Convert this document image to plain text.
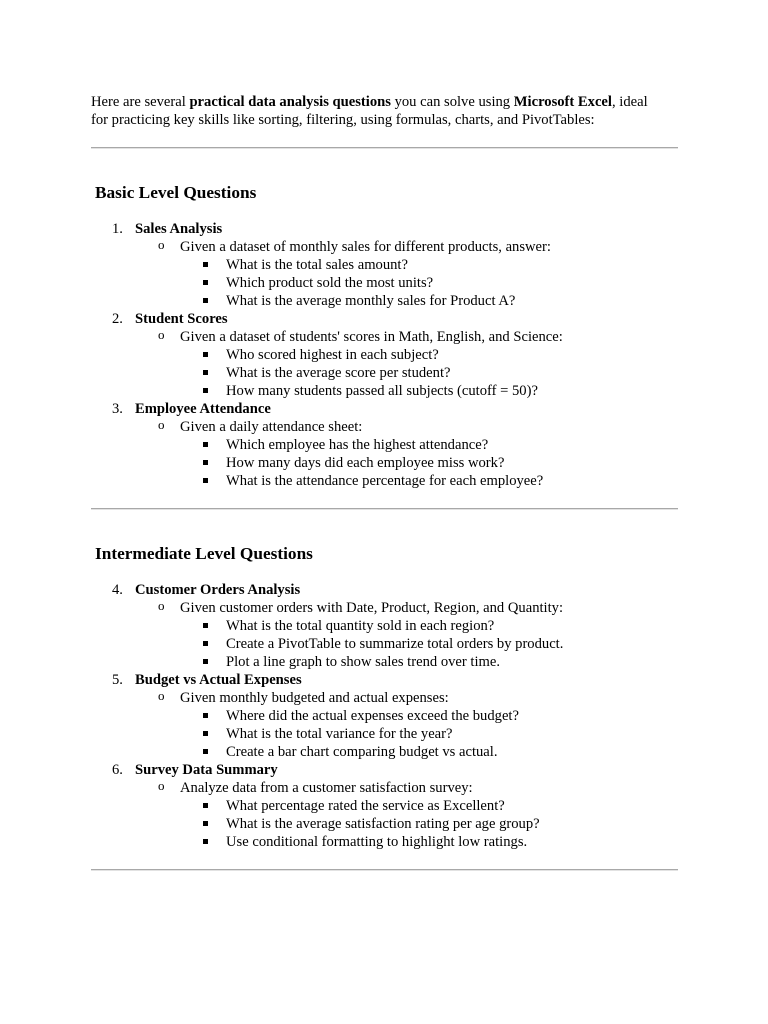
Here are several practical data analysis questions you can solve using Microsoft Excel, ideal
for practicing key skills like sorting, filtering, using formulas, charts, and PivotTables:
Basic Level Questions
1. Sales Analysis
o Given a dataset of monthly sales for different products, answer:
What is the total sales amount?
Which product sold the most units?
What is the average monthly sales for Product A?
2. Student Scores
o Given a dataset of students' scores in Math, English, and Science:
Who scored highest in each subject?
What is the average score per student?
How many students passed all subjects (cutoff = 50)?
3. Employee Attendance
o Given a daily attendance sheet:
Which employee has the highest attendance?
How many days did each employee miss work?
What is the attendance percentage for each employee?
Intermediate Level Questions
4. Customer Orders Analysis
o Given customer orders with Date, Product, Region, and Quantity:
What is the total quantity sold in each region?
Create a PivotTable to summarize total orders by product.
Plot a line graph to show sales trend over time.
5. Budget vs Actual Expenses
o Given monthly budgeted and actual expenses:
Where did the actual expenses exceed the budget?
What is the total variance for the year?
Create a bar chart comparing budget vs actual.
6. Survey Data Summary
o Analyze data from a customer satisfaction survey:
What percentage rated the service as Excellent?
What is the average satisfaction rating per age group?
Use conditional formatting to highlight low ratings.
